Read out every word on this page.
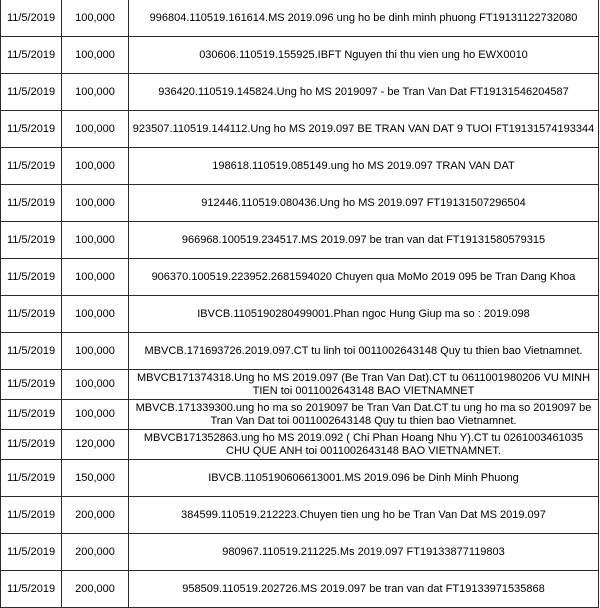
11/5/2019	100,000	996804.110519.161614.MS 2019.096 ung ho be dinh minh phuong FT19131122732080
11/5/2019	100,000	030606.110519.155925.IBFT Nguyen thi thu vien ung ho EWX0010
11/5/2019	100,000	936420.110519.145824.Ung ho MS 2019097 - be Tran Van Dat FT19131546204587
11/5/2019	100,000	923507.110519.144112.Ung ho MS 2019.097 BE TRAN VAN DAT 9 TUOI FT19131574193344
11/5/2019	100,000	198618.110519.085149.ung ho MS 2019.097 TRAN VAN DAT
11/5/2019	100,000	912446.110519.080436.Ung ho MS 2019.097 FT19131507296504
11/5/2019	100,000	966968.100519.234517.MS 2019.097 be tran van dat FT19131580579315
11/5/2019	100,000	906370.100519.223952.2681594020 Chuyen qua MoMo 2019 095 be Tran Dang Khoa
11/5/2019	100,000	IBVCB.1105190280499001.Phan ngoc Hung Giup ma so : 2019.098
11/5/2019	100,000	MBVCB.171693726.2019.097.CT tu linh toi 0011002643148 Quy tu thien bao Vietnamnet.
11/5/2019	100,000	MBVCB171374318.Ung ho MS 2019.097 (Be Tran Van Dat).CT tu 0611001980206 VU MINH TIEN toi 0011002643148 BAO VIETNAMNET
11/5/2019	100,000	MBVCB.171339300.ung ho ma so 2019097 be Tran Van Dat.CT tu ung ho ma so 2019097 be Tran Van Dat toi 0011002643148 Quy tu thien bao Vietnamnet.
11/5/2019	120,000	MBVCB171352863.ung ho MS 2019.092 ( Chi Phan Hoang Nhu Y).CT tu 0261003461035 CHU QUE ANH toi 0011002643148 BAO VIETNAMNET.
11/5/2019	150,000	IBVCB.1105190606613001.MS 2019.096 be Dinh Minh Phuong
11/5/2019	200,000	384599.110519.212223.Chuyen tien ung ho be Tran Van Dat MS 2019.097
11/5/2019	200,000	980967.110519.211225.Ms 2019.097 FT19133877119803
11/5/2019	200,000	958509.110519.202726.MS 2019.097 be tran van dat FT19133971535868
